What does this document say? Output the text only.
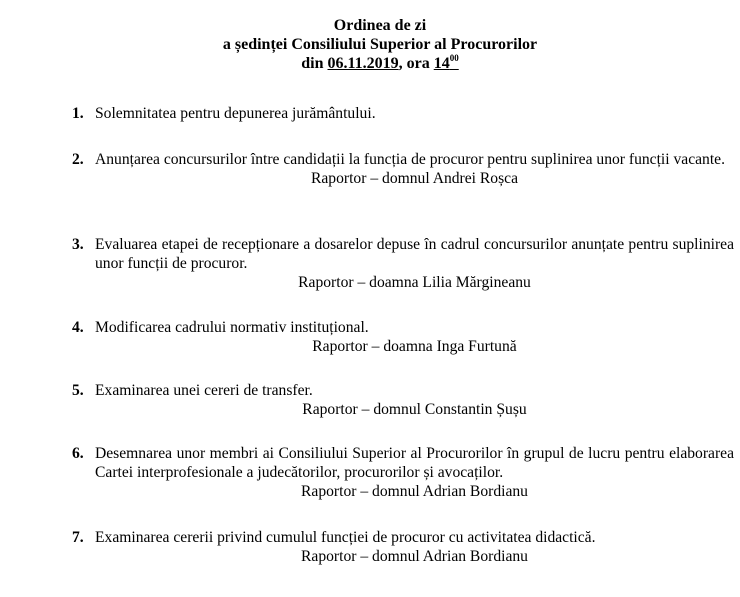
Ordinea de zi
a ședinței Consiliului Superior al Procurorilor
din 06.11.2019, ora $14^{00}$
1. Solemnitatea pentru depunerea jurământului.
2. Anunțarea concursurilor între candidații la funcția de procuror pentru suplinirea unor funcții vacante.
Raportor – domnul Andrei Roșca
3. Evaluarea etapei de recepționare a dosarelor depuse în cadrul concursurilor anunțate pentru suplinirea unor funcții de procuror.
Raportor – doamna Lilia Mărgineanu
4. Modificarea cadrului normativ instituțional.
Raportor – doamna Inga Furtună
5. Examinarea unei cereri de transfer.
Raportor – domnul Constantin Șușu
6. Desemnarea unor membri ai Consiliului Superior al Procurorilor în grupul de lucru pentru elaborarea Cartei interprofesionale a judecătorilor, procurorilor și avocaților.
Raportor – domnul Adrian Bordianu
7. Examinarea cererii privind cumulul funcției de procuror cu activitatea didactică.
Raportor – domnul Adrian Bordianu
